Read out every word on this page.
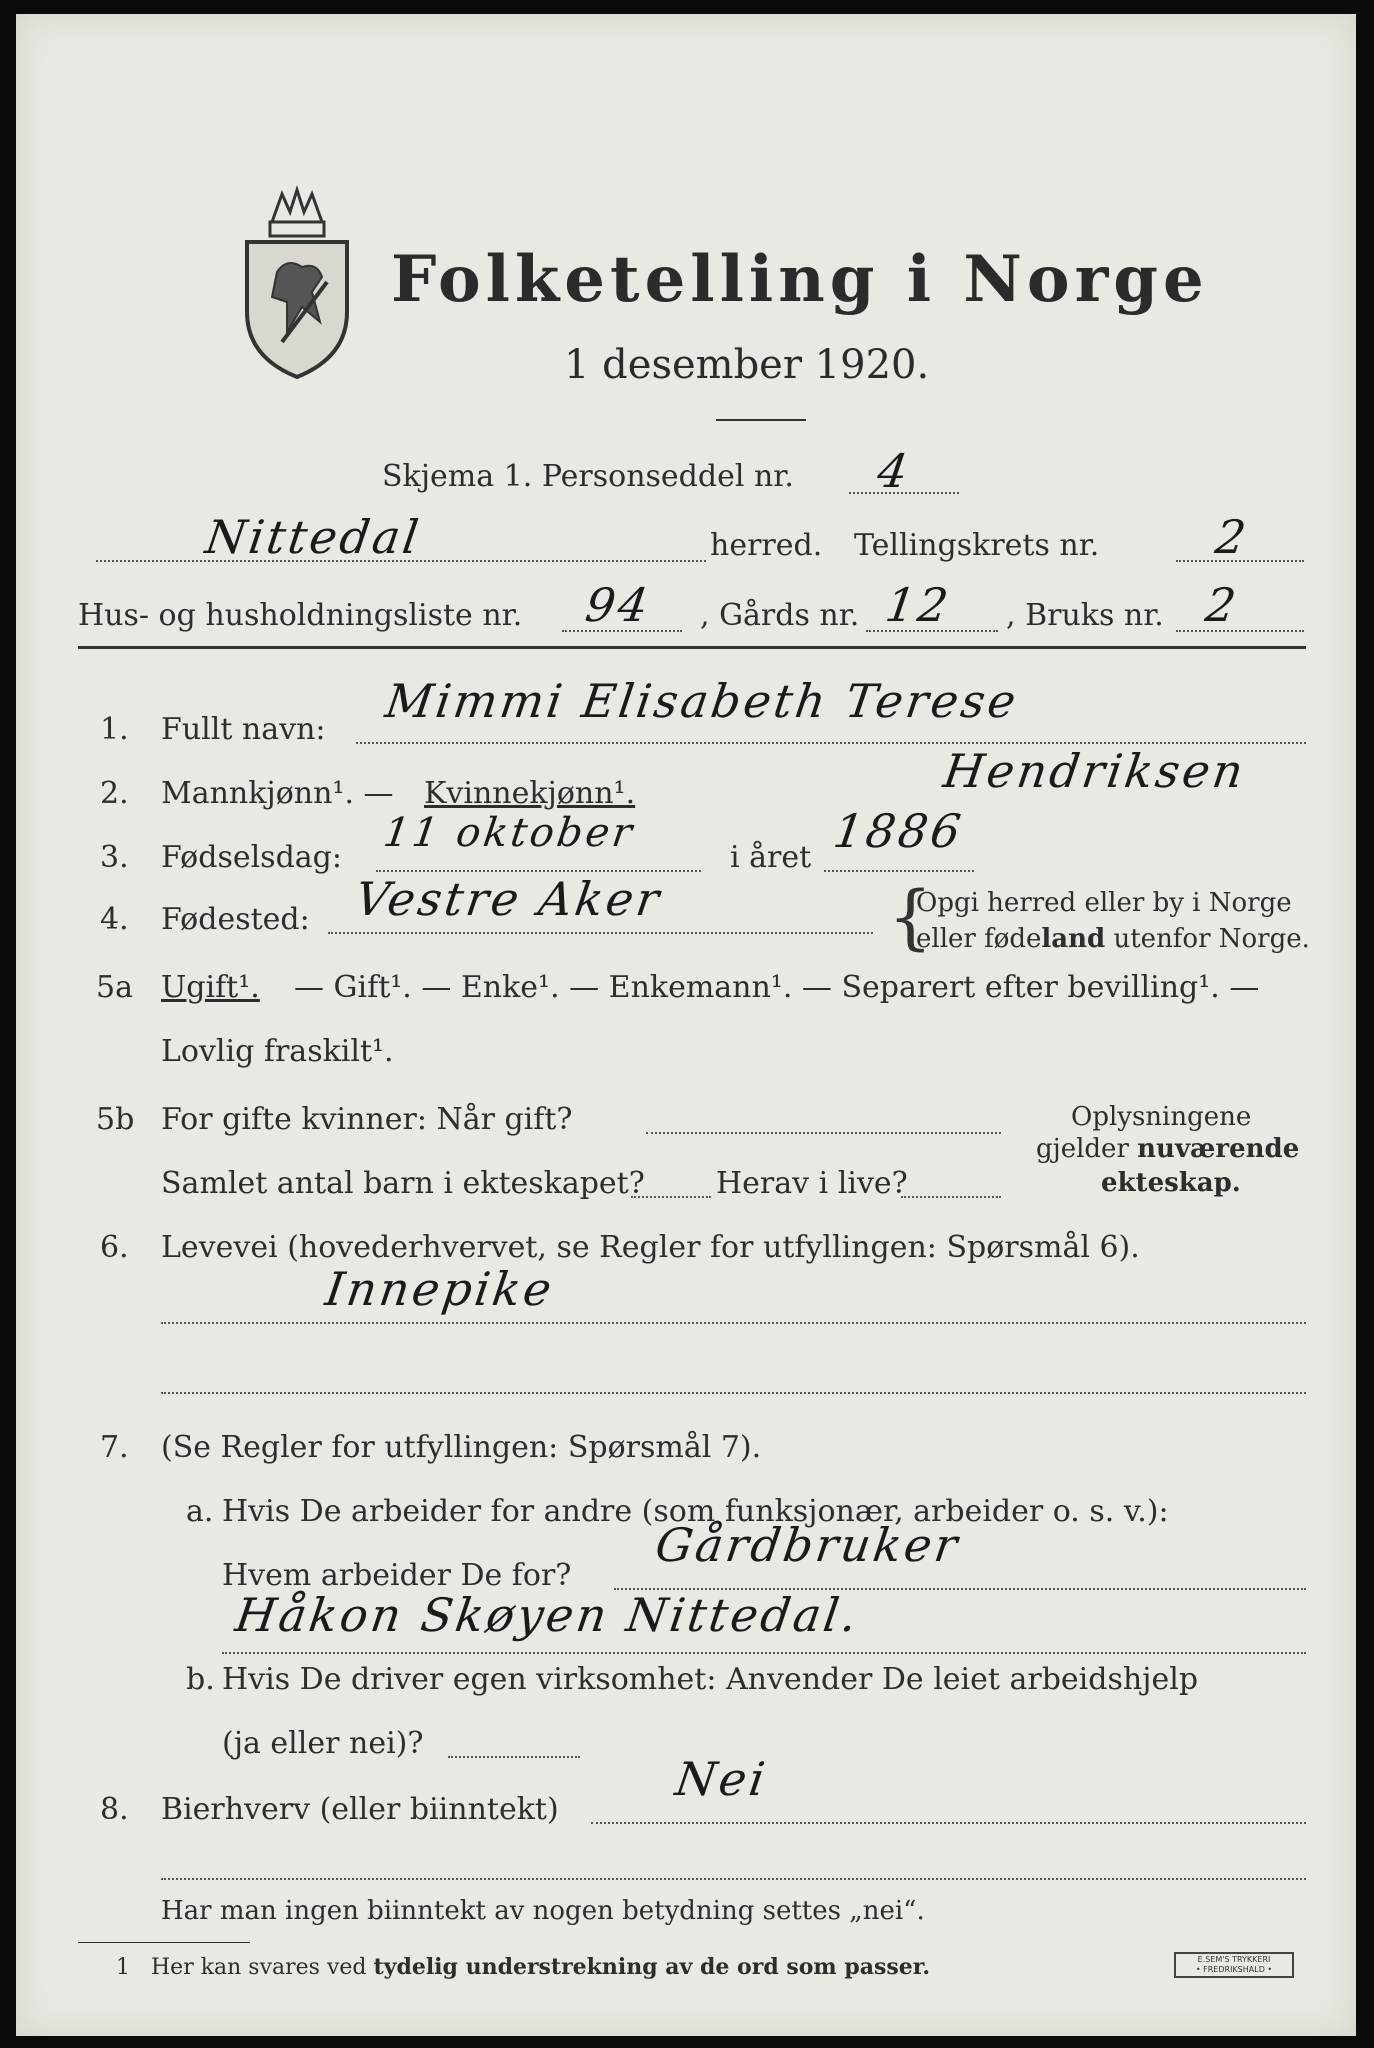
Folketelling i Norge
1 desember 1920.
Skjema 1. Personseddel nr. 4
Nittedal	herred. Tellingskrets nr. 2
Hus- og husholdningsliste nr. 94 , Gårds nr. 12 , Bruks nr. 2
1. Fullt navn:
Mimmi Elisabeth Terese
2. Mannkjønn¹. — Kvinnekjønn¹.	Hendriksen
3. Fødselsdag:
11 oktober
i året 1886
4. Fødested: Vestre Aker	{
Opgi herred eller by i Norge
eller fødeland utenfor Norge.
5a Ugift¹. — Gift¹. — Enke¹. — Enkemann¹. — Separert efter bevilling¹. —
Lovlig fraskilt¹.
5b For gifte kvinner: Når gift?
Samlet antal barn i ekteskapet? Herav i live?
Oplysningene
gjelder nuværende
ekteskap.
6. Levevei (hovederhvervet, se Regler for utfyllingen: Spørsmål 6).
Innepike
7. (Se Regler for utfyllingen: Spørsmål 7).
a. Hvis De arbeider for andre (som funksjonær, arbeider o. s. v.):
Hvem arbeider De for?
Gårdbruker
Håkon Skøyen Nittedal.
b. Hvis De driver egen virksomhet: Anvender De leiet arbeidshjelp
(ja eller nei)?
8. Bierhverv (eller biinntekt)
Nei
Har man ingen biinntekt av nogen betydning settes „nei“.
1 Her kan svares ved tydelig understrekning av de ord som passer.	E.SEM'S TRYKKERI
• FREDRIKSHALD •
